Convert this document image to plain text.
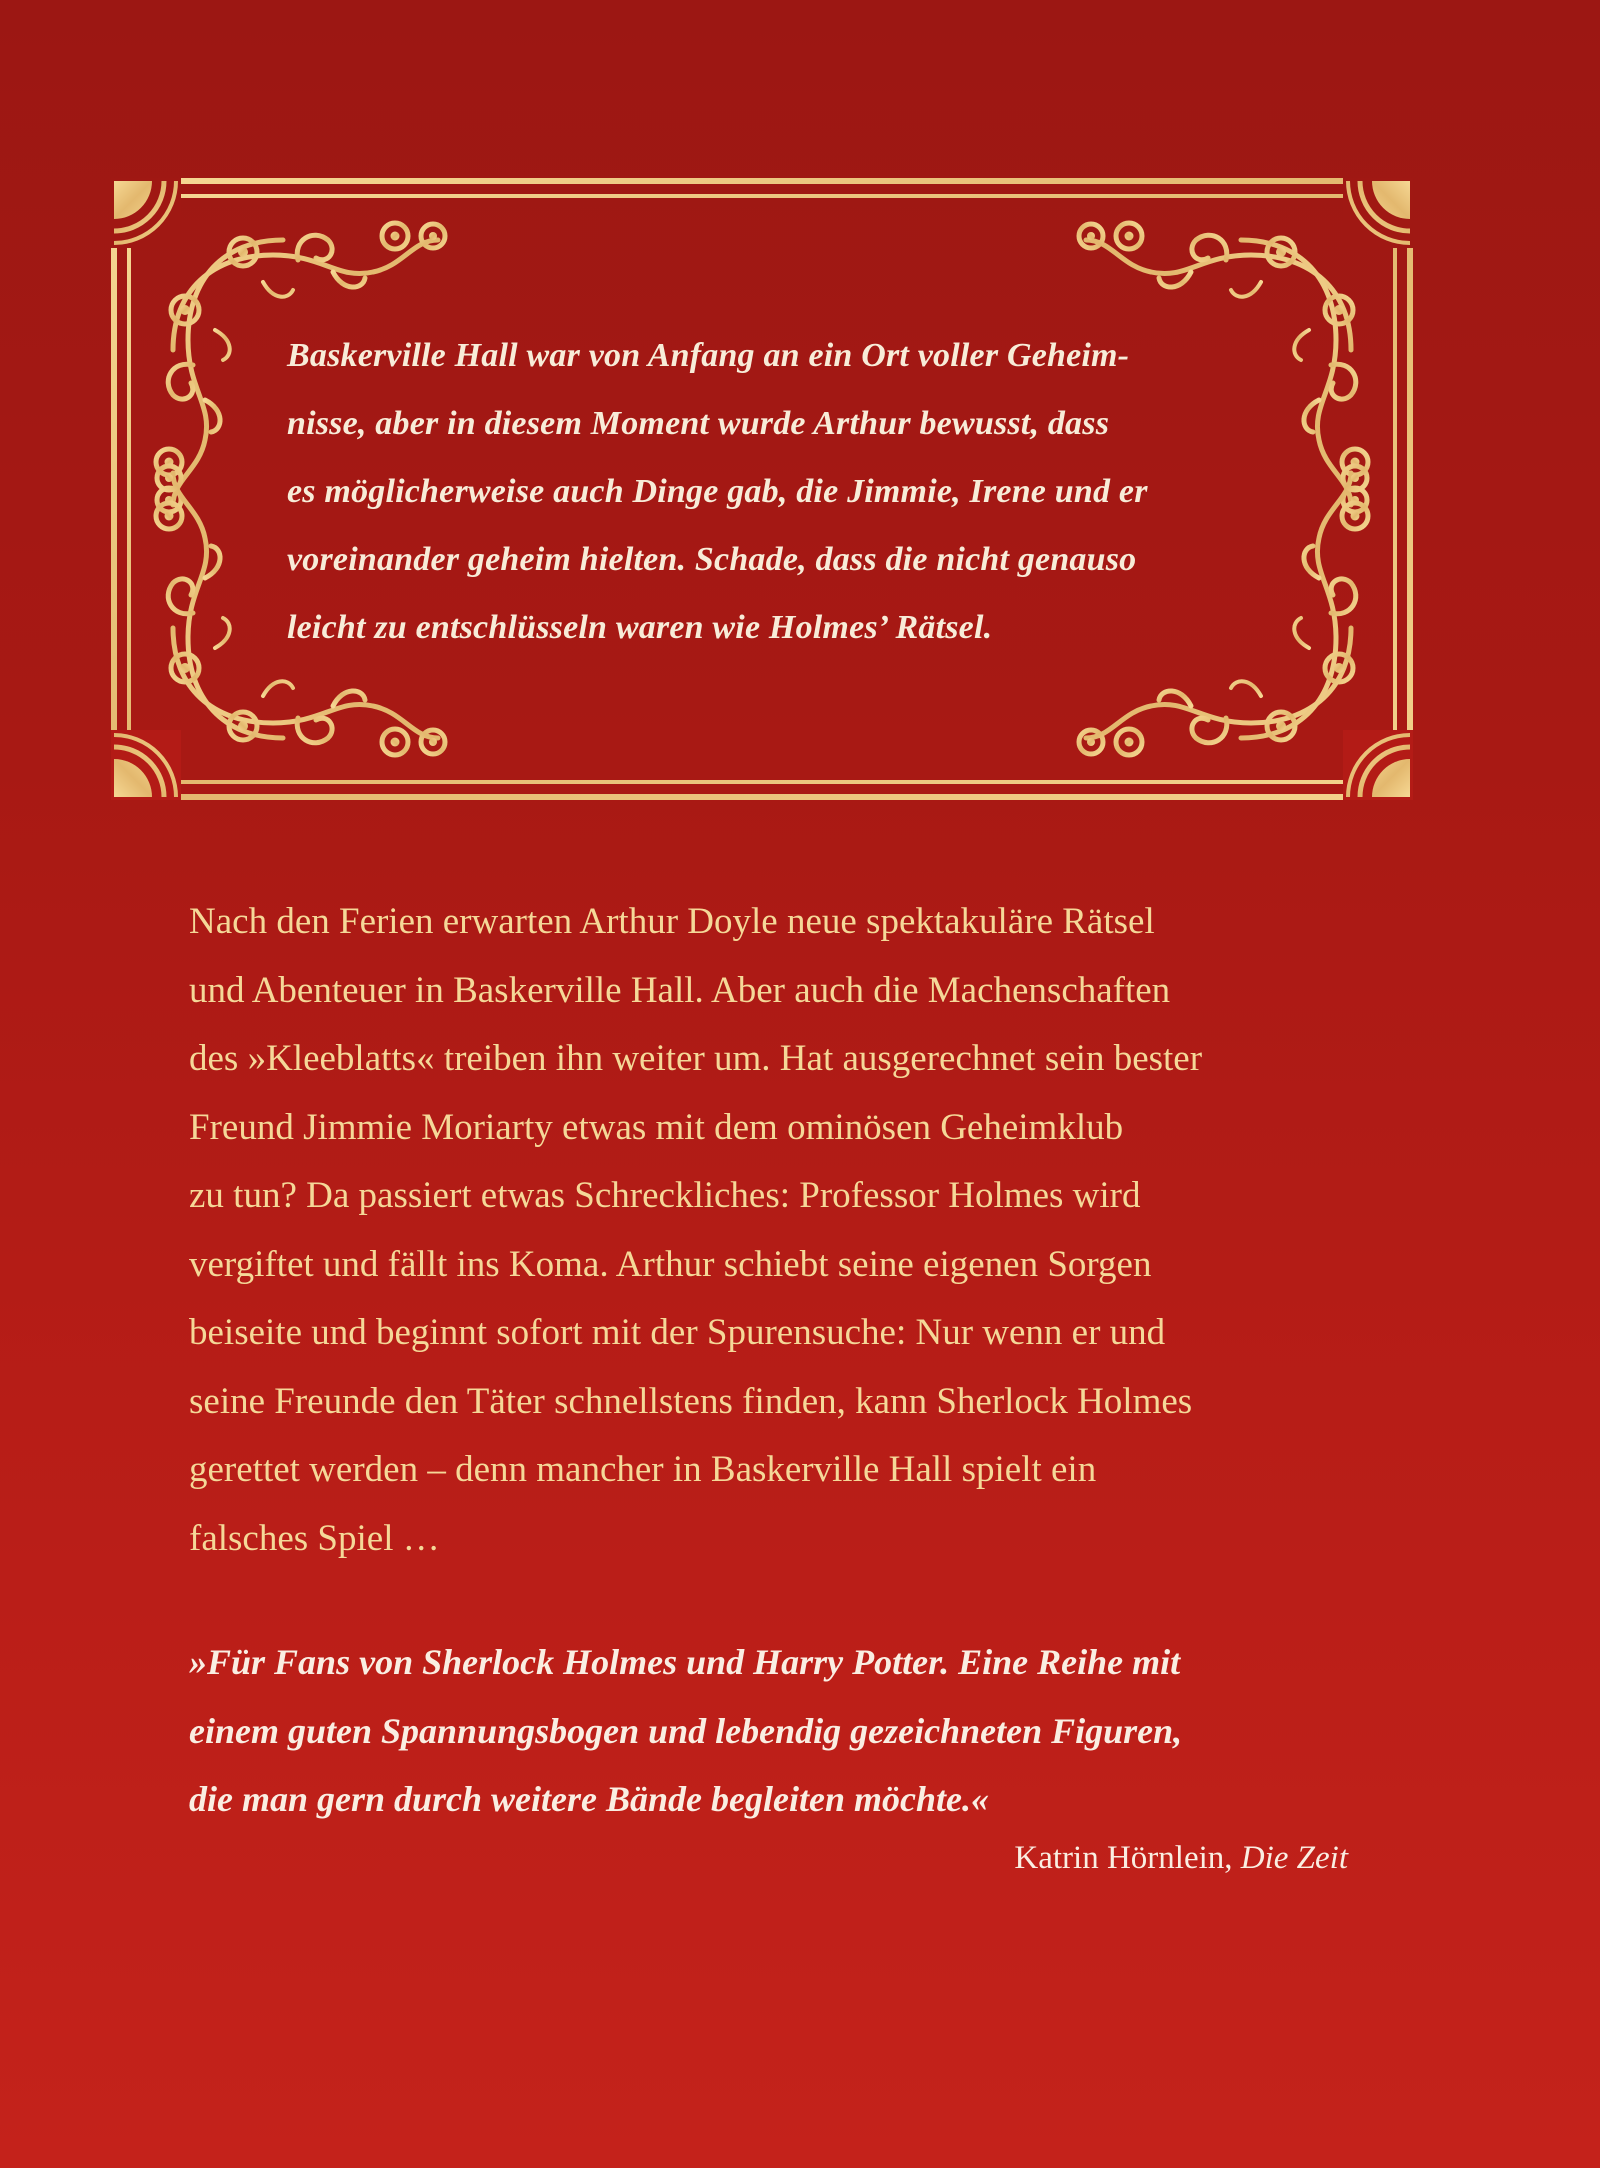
Baskerville Hall war von Anfang an ein Ort voller Geheim-
nisse, aber in diesem Moment wurde Arthur bewusst, dass
es möglicherweise auch Dinge gab, die Jimmie, Irene und er
voreinander geheim hielten. Schade, dass die nicht genauso
leicht zu entschlüsseln waren wie Holmes’ Rätsel.

Nach den Ferien erwarten Arthur Doyle neue spektakuläre Rätsel
und Abenteuer in Baskerville Hall. Aber auch die Machenschaften
des »Kleeblatts« treiben ihn weiter um. Hat ausgerechnet sein bester
Freund Jimmie Moriarty etwas mit dem ominösen Geheimklub
zu tun? Da passiert etwas Schreckliches: Professor Holmes wird
vergiftet und fällt ins Koma. Arthur schiebt seine eigenen Sorgen
beiseite und beginnt sofort mit der Spurensuche: Nur wenn er und
seine Freunde den Täter schnellstens finden, kann Sherlock Holmes
gerettet werden – denn mancher in Baskerville Hall spielt ein
falsches Spiel …

»Für Fans von Sherlock Holmes und Harry Potter. Eine Reihe mit
einem guten Spannungsbogen und lebendig gezeichneten Figuren,
die man gern durch weitere Bände begleiten möchte.«

Katrin Hörnlein, Die Zeit
